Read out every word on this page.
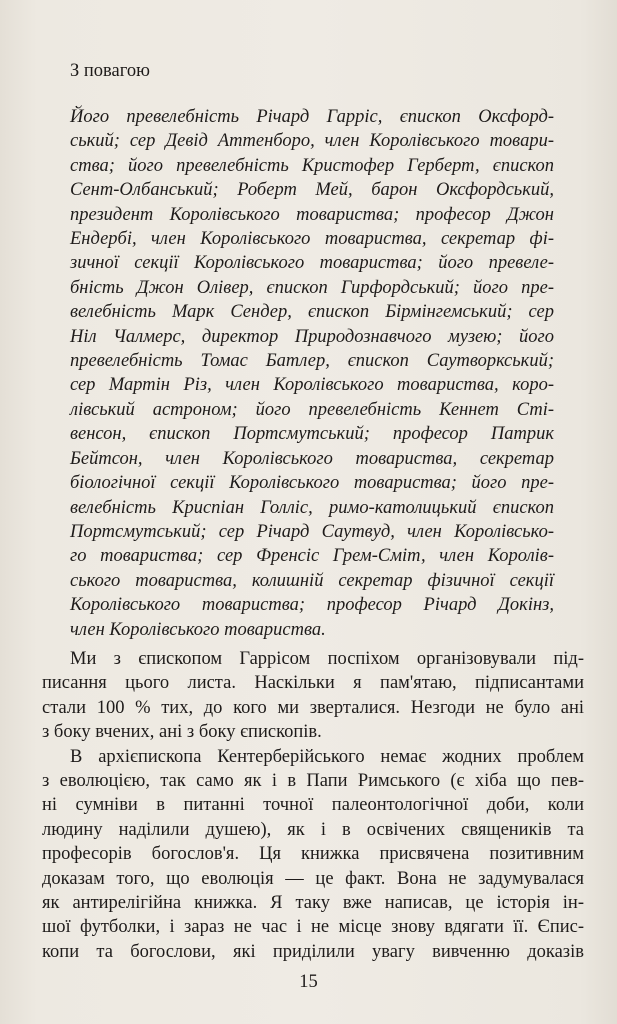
З повагою

Його превелебність Річард Гарріс, єпископ Оксфорд-
ський; сер Девід Аттенборо, член Королівського товари-
ства; його превелебність Кристофер Герберт, єпископ
Сент-Олбанський; Роберт Мей, барон Оксфордський,
президент Королівського товариства; професор Джон
Ендербі, член Королівського товариства, секретар фі-
зичної секції Королівського товариства; його превеле-
бність Джон Олівер, єпископ Гирфордський; його пре-
велебність Марк Сендер, єпископ Бірмінгемський; сер
Ніл Чалмерс, директор Природознавчого музею; його
превелебність Томас Батлер, єпископ Саутворкський;
сер Мартін Різ, член Королівського товариства, коро-
лівський астроном; його превелебність Кеннет Сті-
венсон, єпископ Портсмутський; професор Патрик
Бейтсон, член Королівського товариства, секретар
біологічної секції Королівського товариства; його пре-
велебність Криспіан Голліс, римо-католицький єпископ
Портсмутський; сер Річард Саутвуд, член Королівсько-
го товариства; сер Френсіс Грем-Сміт, член Королів-
ського товариства, колишній секретар фізичної секції
Королівського товариства; професор Річард Докінз,
член Королівського товариства.

Ми з єпископом Гаррісом поспіхом організовували під-
писання цього листа. Наскільки я пам'ятаю, підписантами
стали 100 % тих, до кого ми зверталися. Незгоди не було ані
з боку вчених, ані з боку єпископів.
В архієпископа Кентерберійського немає жодних проблем
з еволюцією, так само як і в Папи Римського (є хіба що пев-
ні сумніви в питанні точної палеонтологічної доби, коли
людину наділили душею), як і в освічених священиків та
професорів богослов'я. Ця книжка присвячена позитивним
доказам того, що еволюція — це факт. Вона не задумувалася
як антирелігійна книжка. Я таку вже написав, це історія ін-
шої футболки, і зараз не час і не місце знову вдягати її. Єпис-
копи та богослови, які приділили увагу вивченню доказів

15
